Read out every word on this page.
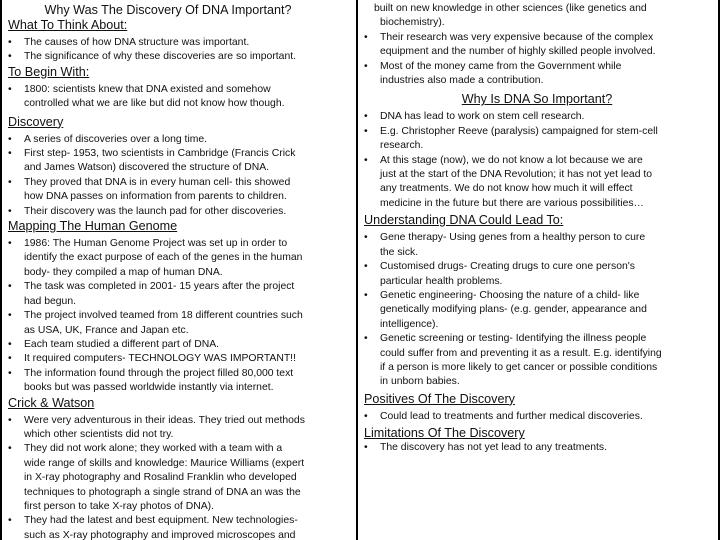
Why Was The Discovery Of DNA Important?
What To Think About:
• The causes of how DNA structure was important.
• The significance of why these discoveries are so important.
To Begin With:
• 1800: scientists knew that DNA existed and somehow
controlled what we are like but did not know how though.
Discovery
• A series of discoveries over a long time.
• First step- 1953, two scientists in Cambridge (Francis Crick
and James Watson) discovered the structure of DNA.
• They proved that DNA is in every human cell- this showed
how DNA passes on information from parents to children.
• Their discovery was the launch pad for other discoveries.
Mapping The Human Genome
• 1986: The Human Genome Project was set up in order to
identify the exact purpose of each of the genes in the human
body- they compiled a map of human DNA.
• The task was completed in 2001- 15 years after the project
had begun.
• The project involved teamed from 18 different countries such
as USA, UK, France and Japan etc.
• Each team studied a different part of DNA.
• It required computers- TECHNOLOGY WAS IMPORTANT!!
• The information found through the project filled 80,000 text
books but was passed worldwide instantly via internet.
Crick & Watson
• Were very adventurous in their ideas. They tried out methods
which other scientists did not try.
• They did not work alone; they worked with a team with a
wide range of skills and knowledge: Maurice Williams (expert
in X-ray photography and Rosalind Franklin who developed
techniques to photograph a single strand of DNA an was the
first person to take X-ray photos of DNA).
• They had the latest and best equipment. New technologies-
such as X-ray photography and improved microscopes and
built on new knowledge in other sciences (like genetics and
biochemistry).
• Their research was very expensive because of the complex
equipment and the number of highly skilled people involved.
• Most of the money came from the Government while
industries also made a contribution.
Why Is DNA So Important?
• DNA has lead to work on stem cell research.
• E.g. Christopher Reeve (paralysis) campaigned for stem-cell
research.
• At this stage (now), we do not know a lot because we are
just at the start of the DNA Revolution; it has not yet lead to
any treatments. We do not know how much it will effect
medicine in the future but there are various possibilities…
Understanding DNA Could Lead To:
• Gene therapy- Using genes from a healthy person to cure
the sick.
• Customised drugs- Creating drugs to cure one person's
particular health problems.
• Genetic engineering- Choosing the nature of a child- like
genetically modifying plans- (e.g. gender, appearance and
intelligence).
• Genetic screening or testing- Identifying the illness people
could suffer from and preventing it as a result. E.g. identifying
if a person is more likely to get cancer or possible conditions
in unborn babies.
Positives Of The Discovery
• Could lead to treatments and further medical discoveries.
Limitations Of The Discovery
• The discovery has not yet lead to any treatments.
